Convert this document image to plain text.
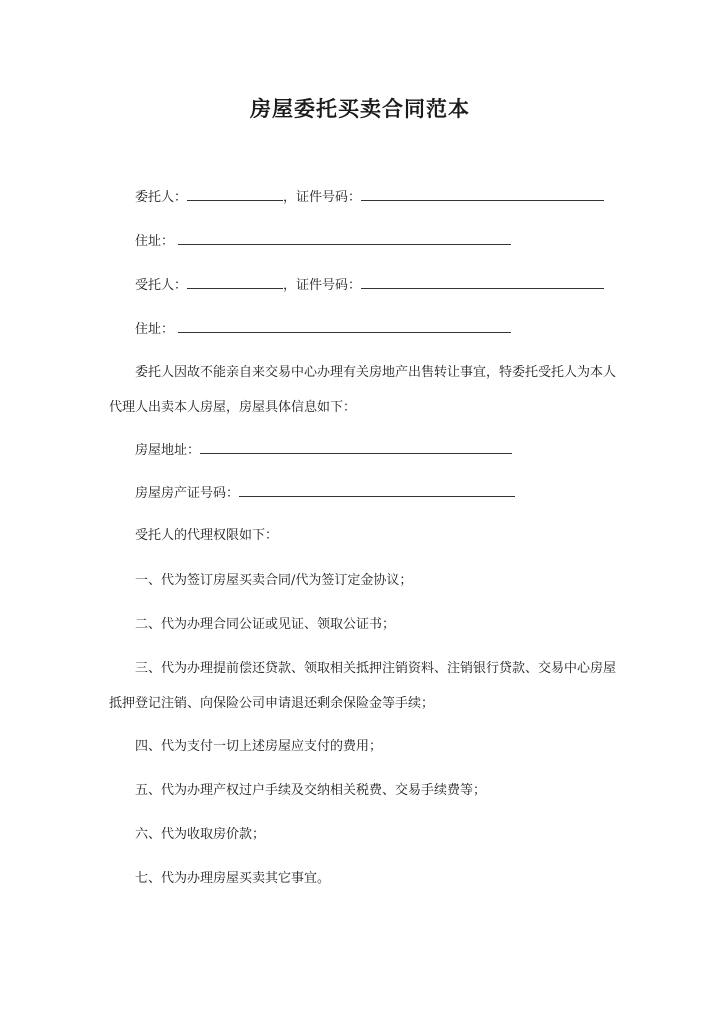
房屋委托买卖合同范本
委托人：	，证件号码：
住址：
受托人：	，证件号码：
住址：
委托人因故不能亲自来交易中心办理有关房地产出售转让事宜，特委托受托人为本人
代理人出卖本人房屋，房屋具体信息如下：
房屋地址：
房屋房产证号码：
受托人的代理权限如下：
一、代为签订房屋买卖合同/代为签订定金协议；
二、代为办理合同公证或见证、领取公证书；
三、代为办理提前偿还贷款、领取相关抵押注销资料、注销银行贷款、交易中心房屋
抵押登记注销、向保险公司申请退还剩余保险金等手续；
四、代为支付一切上述房屋应支付的费用；
五、代为办理产权过户手续及交纳相关税费、交易手续费等；
六、代为收取房价款；
七、代为办理房屋买卖其它事宜。
